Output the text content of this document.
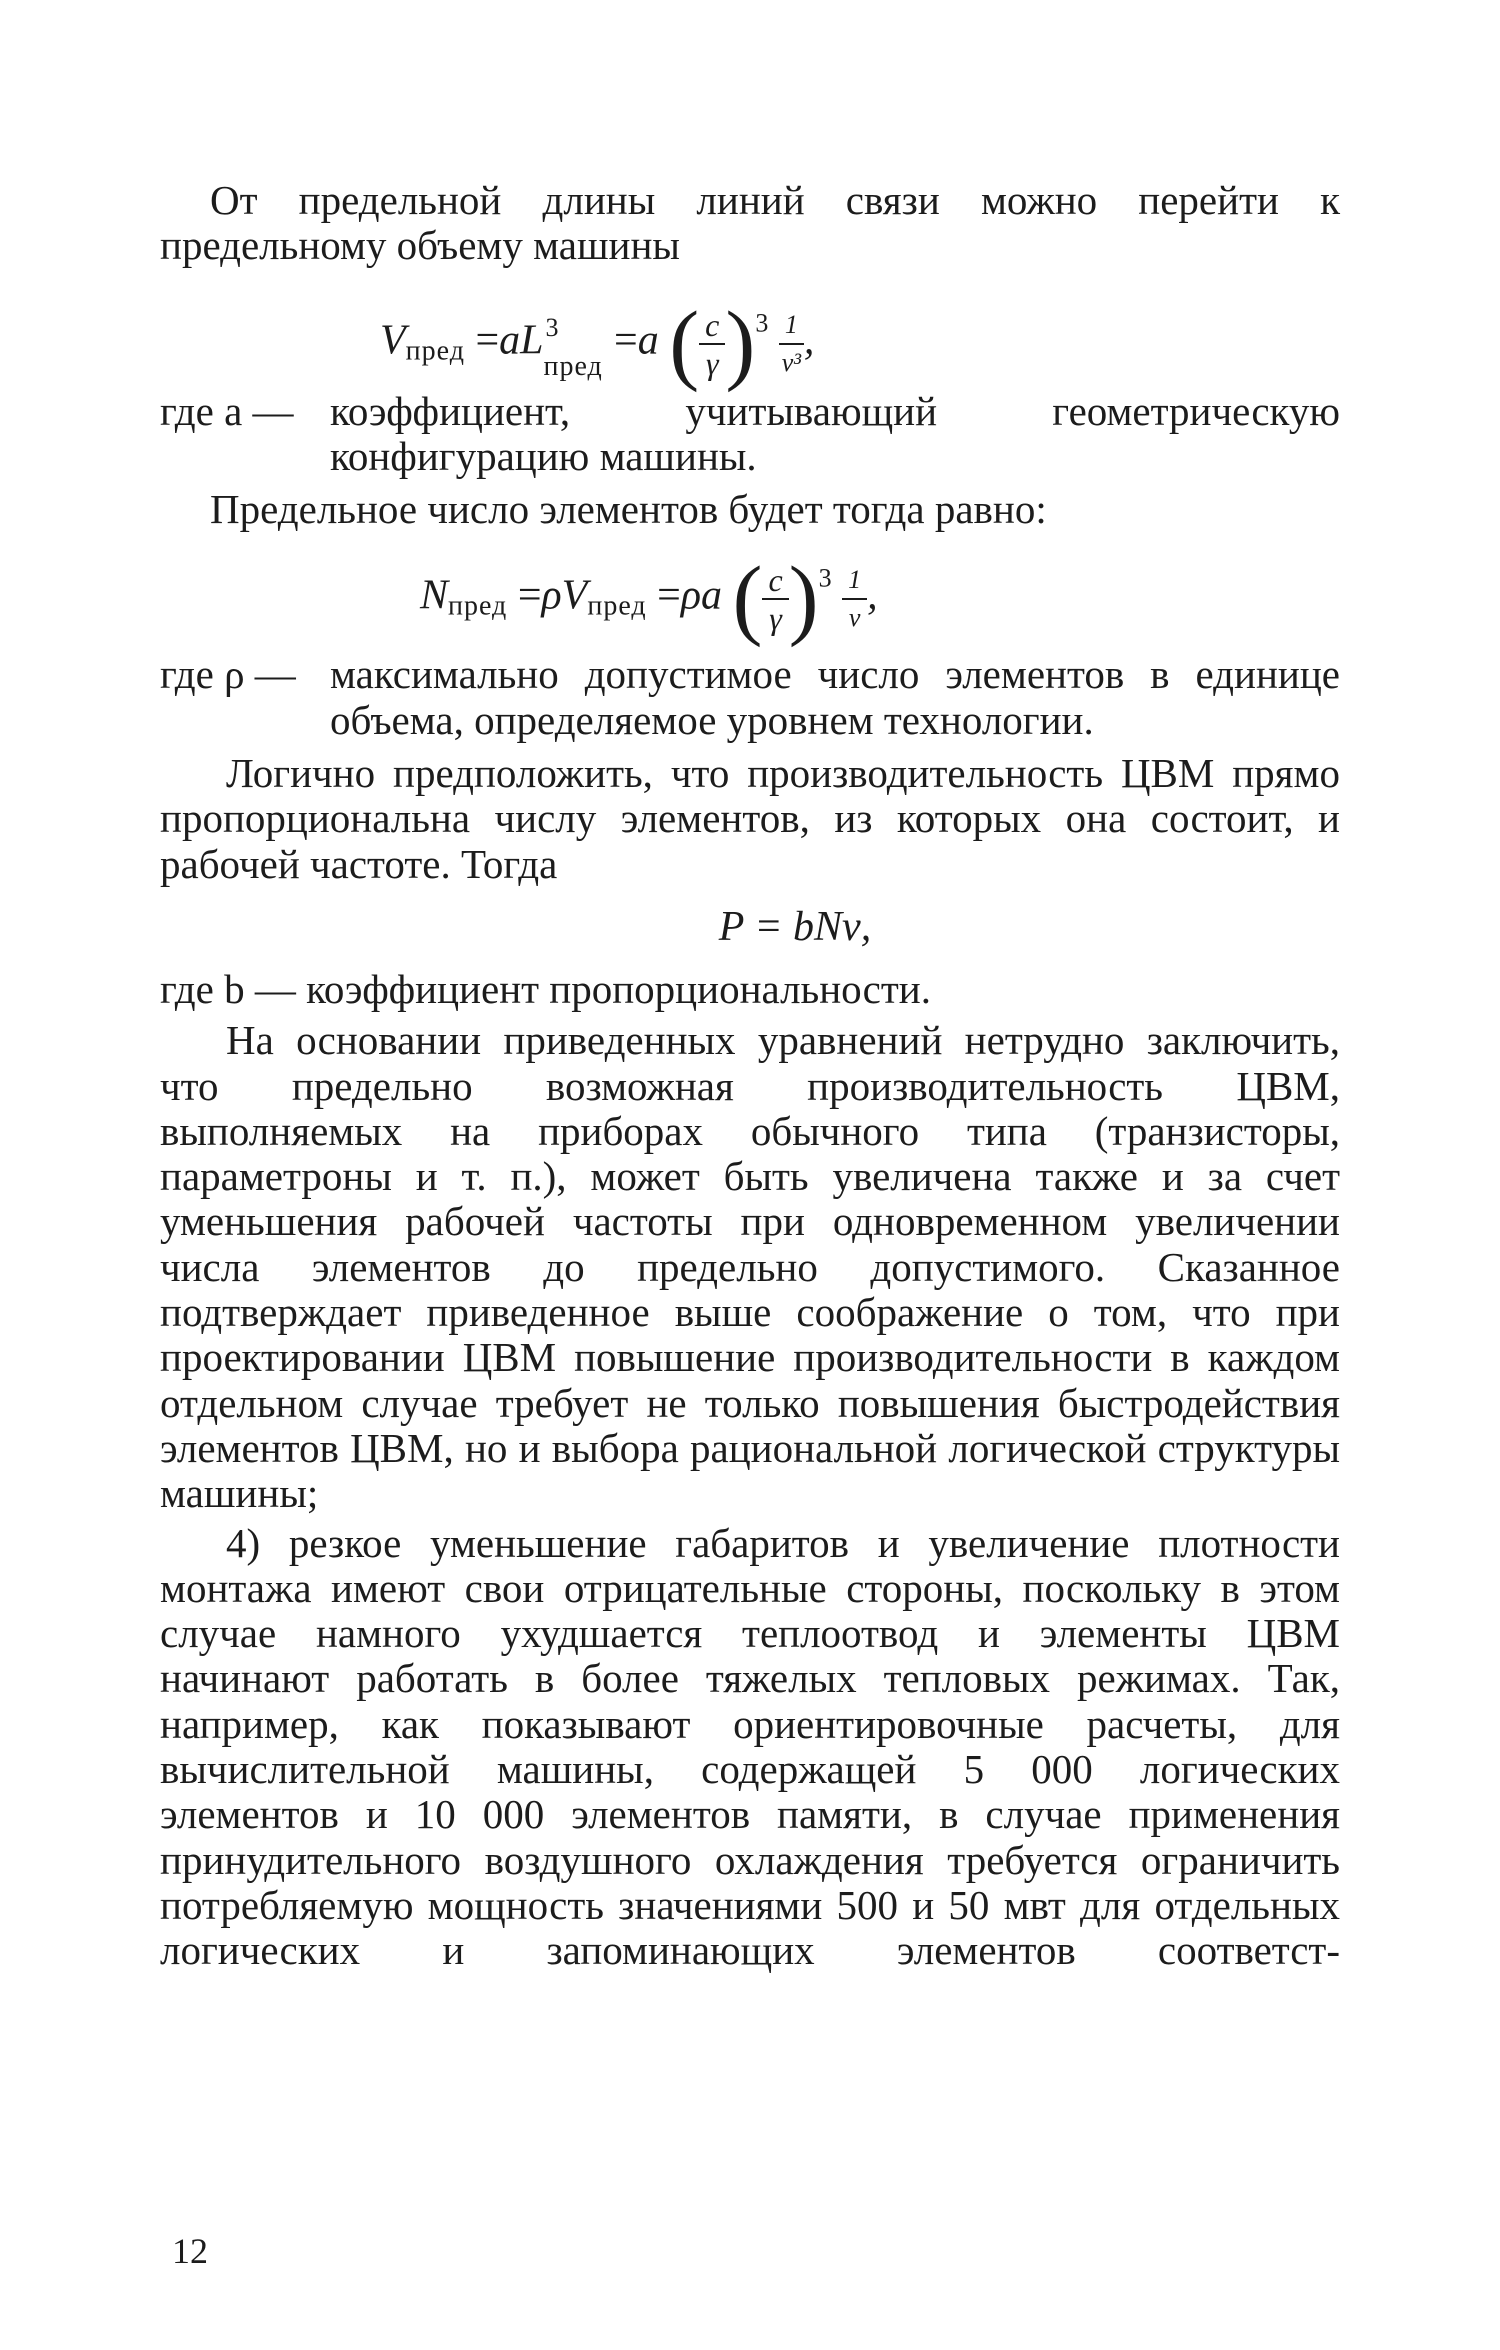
От предельной длины линий связи можно перейти к предельному объему машины

$V_{пред} =aL$ 3
пред
=a ( $\frac{c}{\gamma} )^3 \frac{1}{\text{ν³}}$ ,
где a — коэффициент, учитывающий геометрическую конфигурацию машины.

Предельное число элементов будет тогда равно:

$N_{пред} =\rho V_{пред} =\rho a$ ( $\frac{c}{\gamma} )^3 \frac{1}{\nu}$ ,
где ρ — максимально допустимое число элементов в единице объема, определяемое уровнем технологии.

Логично предположить, что производительность ЦВМ прямо пропорциональна числу элементов, из которых она состоит, и рабочей частоте. Тогда

P = bNν,

где b — коэффициент пропорциональности.

На основании приведенных уравнений нетрудно заключить, что предельно возможная производительность ЦВМ, выполняемых на приборах обычного типа (транзисторы, параметроны и т. п.), может быть увеличена также и за счет уменьшения рабочей частоты при одновременном увеличении числа элементов до предельно допустимого. Сказанное подтверждает приведенное выше соображение о том, что при проектировании ЦВМ повышение производительности в каждом отдельном случае требует не только повышения быстродействия элементов ЦВМ, но и выбора рациональной логической структуры машины;

4) резкое уменьшение габаритов и увеличение плотности монтажа имеют свои отрицательные стороны, поскольку в этом случае намного ухудшается теплоотвод и элементы ЦВМ начинают работать в более тяжелых тепловых режимах. Так, например, как показывают ориентировочные расчеты, для вычислительной машины, содержащей 5 000 логических элементов и 10 000 элементов памяти, в случае применения принудительного воздушного охлаждения требуется ограничить потребляемую мощность значениями 500 и 50 мвт для отдельных логических и запоминающих элементов соответст-

12
